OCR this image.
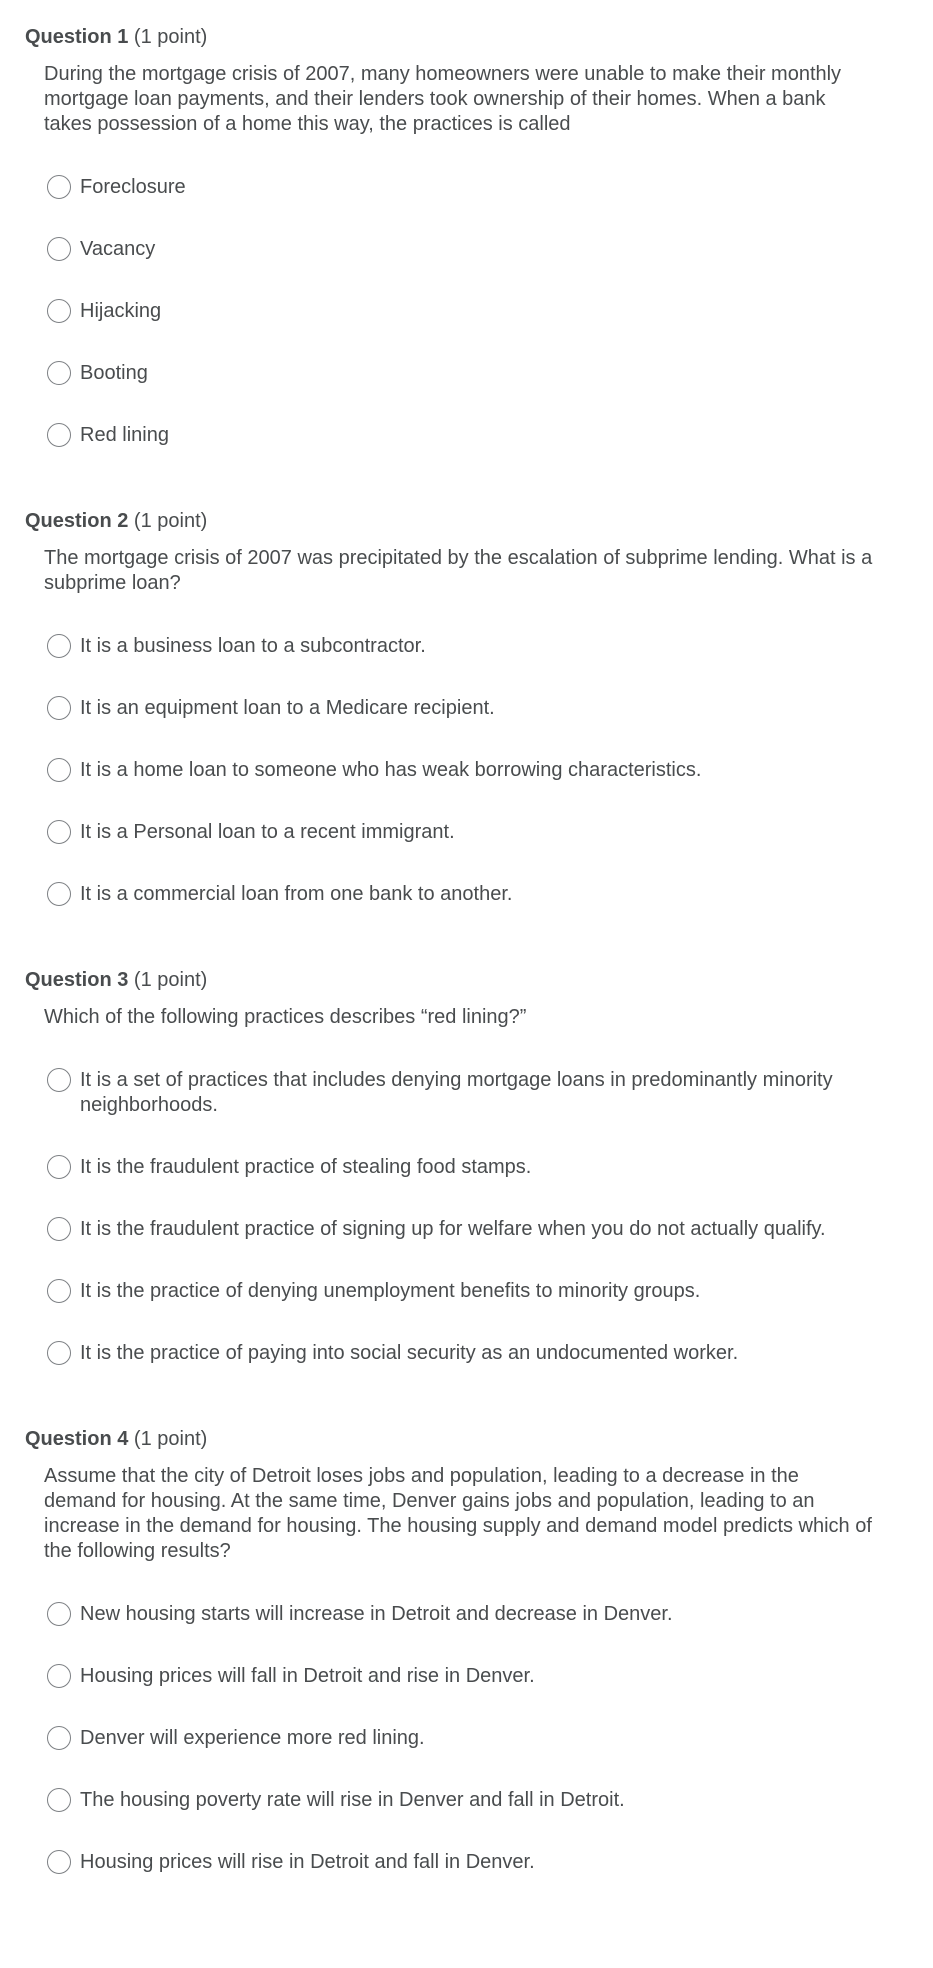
Question 1 (1 point)
During the mortgage crisis of 2007, many homeowners were unable to make their monthly mortgage loan payments, and their lenders took ownership of their homes. When a bank takes possession of a home this way, the practices is called
Foreclosure
Vacancy
Hijacking
Booting
Red lining
Question 2 (1 point)
The mortgage crisis of 2007 was precipitated by the escalation of subprime lending. What is a subprime loan?
It is a business loan to a subcontractor.
It is an equipment loan to a Medicare recipient.
It is a home loan to someone who has weak borrowing characteristics.
It is a Personal loan to a recent immigrant.
It is a commercial loan from one bank to another.
Question 3 (1 point)
Which of the following practices describes “red lining?”
It is a set of practices that includes denying mortgage loans in predominantly minority neighborhoods.
It is the fraudulent practice of stealing food stamps.
It is the fraudulent practice of signing up for welfare when you do not actually qualify.
It is the practice of denying unemployment benefits to minority groups.
It is the practice of paying into social security as an undocumented worker.
Question 4 (1 point)
Assume that the city of Detroit loses jobs and population, leading to a decrease in the demand for housing. At the same time, Denver gains jobs and population, leading to an increase in the demand for housing. The housing supply and demand model predicts which of the following results?
New housing starts will increase in Detroit and decrease in Denver.
Housing prices will fall in Detroit and rise in Denver.
Denver will experience more red lining.
The housing poverty rate will rise in Denver and fall in Detroit.
Housing prices will rise in Detroit and fall in Denver.
